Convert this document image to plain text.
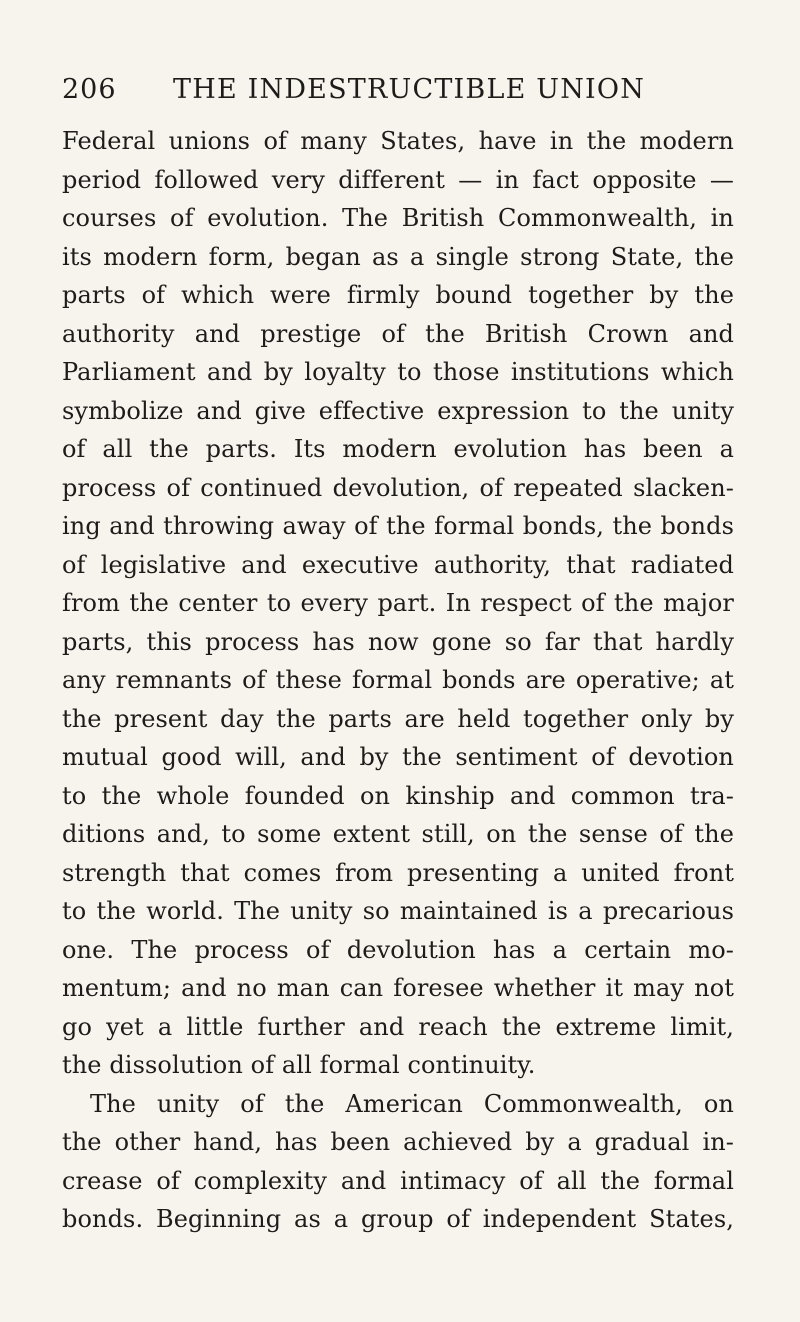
206 THE INDESTRUCTIBLE UNION
Federal unions of many States, have in the modern
period followed very different — in fact opposite —
courses of evolution. The British Commonwealth, in
its modern form, began as a single strong State, the
parts of which were firmly bound together by the
authority and prestige of the British Crown and
Parliament and by loyalty to those institutions which
symbolize and give effective expression to the unity
of all the parts. Its modern evolution has been a
process of continued devolution, of repeated slacken-
ing and throwing away of the formal bonds, the bonds
of legislative and executive authority, that radiated
from the center to every part. In respect of the major
parts, this process has now gone so far that hardly
any remnants of these formal bonds are operative; at
the present day the parts are held together only by
mutual good will, and by the sentiment of devotion
to the whole founded on kinship and common tra-
ditions and, to some extent still, on the sense of the
strength that comes from presenting a united front
to the world. The unity so maintained is a precarious
one. The process of devolution has a certain mo-
mentum; and no man can foresee whether it may not
go yet a little further and reach the extreme limit,
the dissolution of all formal continuity.
The unity of the American Commonwealth, on
the other hand, has been achieved by a gradual in-
crease of complexity and intimacy of all the formal
bonds. Beginning as a group of independent States,
